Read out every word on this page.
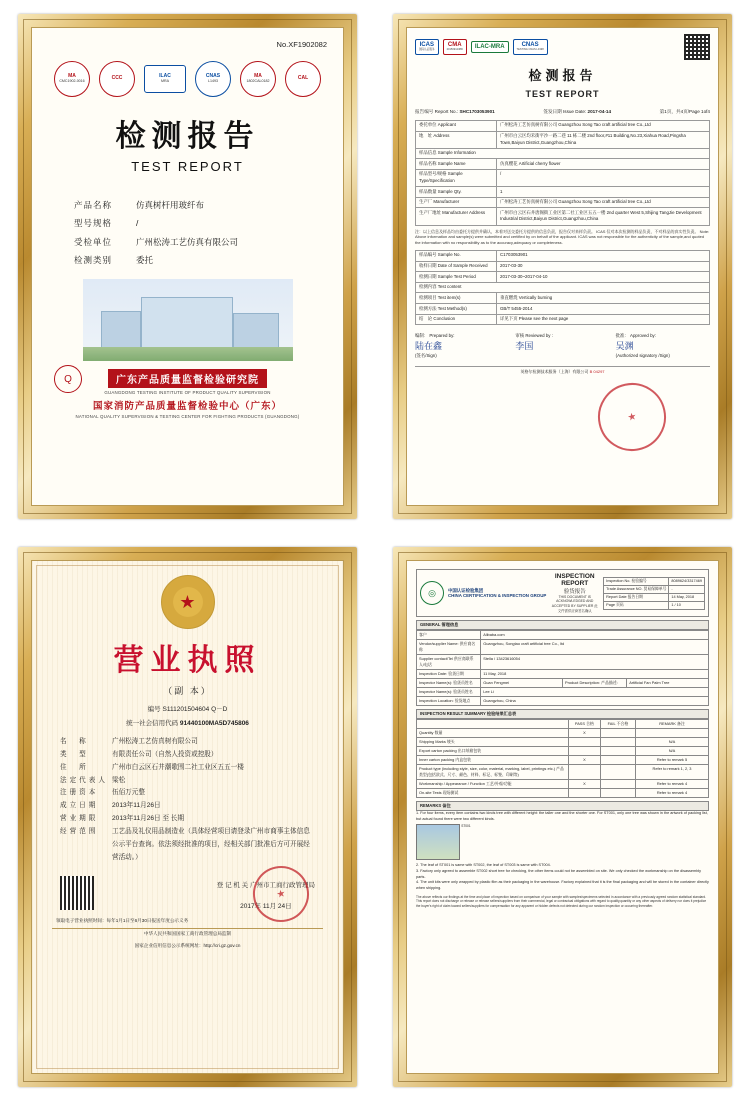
No.XF1902082
MA
CMC1902-0016	CCC	ILAC
MRA
CNAS
L1493
MA
1802CAL0182	CAL
检测报告
TEST REPORT
产品名称	仿真树杆用玻纤布
型号规格	/
受检单位	广州松涛工艺仿真有限公司
检测类别	委托
Q	广东产品质量监督检验研究院
GUANGDONG TESTING INSTITUTE OF PRODUCT QUALITY SUPERVISION
国家消防产品质量监督检验中心（广东）
NATIONAL QUALITY SUPERVISION & TESTING CENTER FOR FIGHTING PRODUCTS (GUANGDONG)
ICAS
国际认证服务
CMA
2015091238D ILAC-MRA	CNAS
TESTING CNAS L0198
检测报告
TEST REPORT
报告编号 Report No.: SHC1703053901	签发日期 Issue Date: 2017-04-14	第1页，共4页/Page 1of4
委托单位 Applicant	广州松涛工艺仿真树有限公司 Guangzhou Song Tao craft artificial tree Co.,Ltd
地　址 Address	广州市白云区均禾街平沙一路二巷 11 栋二楼 2nd floor,#11 Building,No.23,Xiahua Road,Pingsha Town,Baiyun District,Guangzhou,China
样品信息 Sample Information	
样品名称 Sample Name	仿真樱花 Artificial cherry flower
样品型号/规格 Sample Type/Specification	/
样品数量 Sample Qty.	1
生产厂 Manufacturer	广州松涛工艺仿真树有限公司 Guangzhou Song Tao craft artificial tree Co.,Ltd
生产厂地址 Manufacturer Address	广州市白云区石井唐阁街工业区第二社工业区五五一楼 2nd quarter West 5,Shijing TangJie Development Industrial District,Baiyun District,Guangzhou,China
注：以上信息及样品均由委托方提供并确认，本着对送交委托方提供的信息负责，报告仅对来样负责。 ICAS 仅对本次检测的样品负责，不对样品的真实性负责。 Note: Above information and sample(s) were submitted and certified by on behalf of the applicant. ICAS was not responsible for the authenticity of the sample,and quoted the information with no responsibility as to the accuracy,adequacy or completeness.
样品编号 Sample No.	C1703053901
收样日期 Date of Sample Received	2017-03-30
检测日期 Sample Test Period	2017-03-30~2017-04-10
检测内容 Test content	
检测项目 Test item(s)	垂直燃烧 Vertically burning
检测方法 Test Method(s)	GB/T 5455-2014
结　论 Conclusion	详见下页 Please see the next page
编制： Prepared by:
陆在鑫
(签名/Sign)
审核 Reviewed by :
李国
批准： Approved by:
吴渊
(Authorized signatory /Sign)
★
英格尔检测技术服务（上海）有限公司 B 04297
★
营业执照
（副 本）
编号 S111201504604 Q－D
统一社会信用代码 91440100MA5D745806
名　称	广州松涛工艺仿真树有限公司
类　型	有限责任公司（自然人投资或控股）
住　所	广州市白云区石井潮歌围二社工业区五五一楼
法定代表人 梁松
注册资本	伍佰万元整
成立日期	2013年11月26日
营业期限	2013年11月26日 至 长期
经营范围	工艺品及礼仪用品制造业（具体经营项目请登录广州市商事主体信息公示平台查询。依法须经批准的项目，经相关部门批准后方可开展经营活动。）
登 记 机 关 广州市工商行政管理局
★
2017年 11月 24日
领取电子营业执照时间：每年1月1日至6月30日报送年度公示义务
中华人民共和国国家工商行政管理总局监制
国家企业信用信息公示系统网址：http://cri.gz.gov.cn
◎	中国认证检验集团
CHINA CERTIFICATION & INSPECTION GROUP
INSPECTION REPORT
验货报告
THIS DOCUMENT IS ACKNOWLEDGED AND ACCEPTED BY SUPPLIER 此文件需供应商签名确认
Inspection No. 检验编号	8089624/3317469
Trade Assurance NO. 贸易保障单号	-
Report Date 报告日期	14 May, 2018
Page 页码	1 / 10
GENERAL 管理信息
客户	Alibaba.com		
Vendor/supplier Name: 供应商名称	Guangzhou, Songtao craft artificial tree Co., ltd		
Supplier contact/Tel 供应商联系人/电话	Stella / 13423616054		
Inspection Date: 验货日期	11 May, 2018		
Inspector Name(s): 验货员姓名	Guan Fengmei	Product Description: 产品描述:	Artificial Fan Palm Tree
Inspector Name(s): 验货员姓名	Lee Li		
Inspection Location: 验货地点	Guangzhou, China		
INSPECTION RESULT SUMMARY 检验结果汇总表
	PASS 合格	FAIL 不合格	REMARK 备注
Quantity 数量	X		
Shipping Marks 唛头			N/A
Export carton packing 出口纸箱包装			N/A
Inner carton packing 内盒包装	X		Refer to remark 5
Product type (including style, size, color, material, marking, label, printings etc.) 产品类型(包括款式、尺寸、颜色、材料、标记、标签、印刷等)			Refer to remark 1, 2, 3
Workmanship / Appearance / Function 工艺/外观/功能	X		Refer to remark 4
On-site Tests 现场测试			Refer to remark 4
REMARKS 备注
1. For four items, every item contains two kinds tree with different height: the taller one and the shorter one. For ST001, only one tree was shown in the artwork of packing list, but actual found there were two different kinds.
$^{ST001}$
2. The leaf of ST001 is same with ST002, the leaf of ST003 is same with ST004.
3. Factory only agreed to assemble ST002 short tree for checking, the other items could not be assembled on site. We only checked the workmanship on the disassembly parts.
4. The unit kits were only wrapped by plastic film as their packaging in the warehouse. Factory explained that it is the final packaging and will be stored in the container directly when shipping.
The above reflects our findings at the time and place of inspection based on comparison of your sample with samples/specimens selected in accordance with a previously agreed random statistical standard. This report does not discharge or release or release sellers/suppliers from their commercial, legal or contractual obligations with regard to quality,quantity or any other aspects of delivery nor does it prejudice the buyer's right of claim toward sellers/suppliers for compensation for any apparent or hidden defects not detected during our random inspection or occurring thereafter.
